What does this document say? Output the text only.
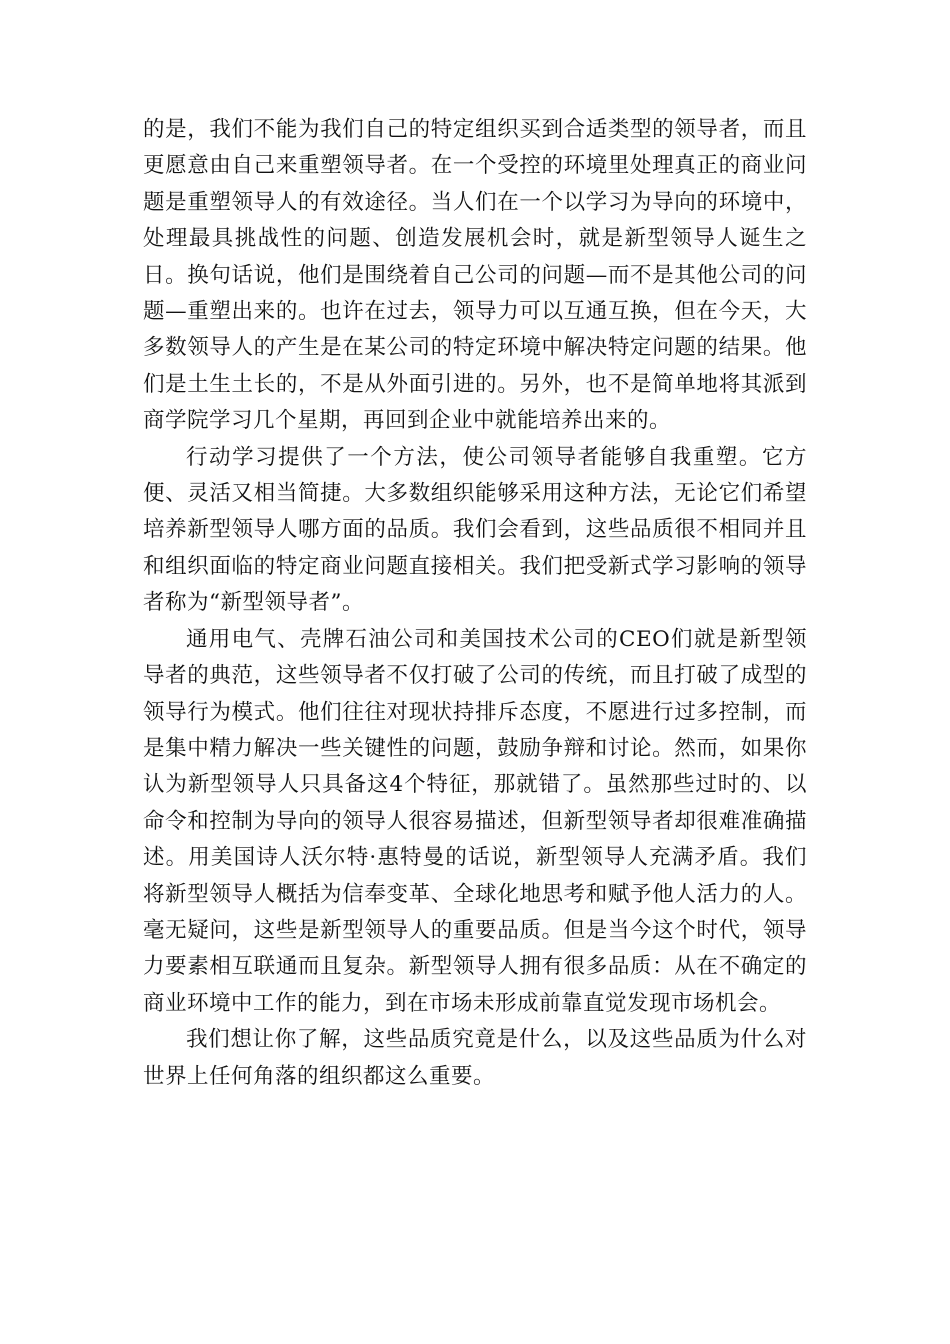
的是，我们不能为我们自己的特定组织买到合适类型的领导者，而且更愿意由自己来重塑领导者。在一个受控的环境里处理真正的商业问题是重塑领导人的有效途径。当人们在一个以学习为导向的环境中，处理最具挑战性的问题、创造发展机会时，就是新型领导人诞生之日。换句话说，他们是围绕着自己公司的问题—而不是其他公司的问题—重塑出来的。也许在过去，领导力可以互通互换，但在今天，大多数领导人的产生是在某公司的特定环境中解决特定问题的结果。他们是土生土长的，不是从外面引进的。另外，也不是简单地将其派到商学院学习几个星期，再回到企业中就能培养出来的。

行动学习提供了一个方法，使公司领导者能够自我重塑。它方便、灵活又相当简捷。大多数组织能够采用这种方法，无论它们希望培养新型领导人哪方面的品质。我们会看到，这些品质很不相同并且和组织面临的特定商业问题直接相关。我们把受新式学习影响的领导者称为“新型领导者”。

通用电气、壳牌石油公司和美国技术公司的CEO们就是新型领导者的典范，这些领导者不仅打破了公司的传统，而且打破了成型的领导行为模式。他们往往对现状持排斥态度，不愿进行过多控制，而是集中精力解决一些关键性的问题，鼓励争辩和讨论。然而，如果你认为新型领导人只具备这4个特征，那就错了。虽然那些过时的、以命令和控制为导向的领导人很容易描述，但新型领导者却很难准确描述。用美国诗人沃尔特·惠特曼的话说，新型领导人充满矛盾。我们将新型领导人概括为信奉变革、全球化地思考和赋予他人活力的人。毫无疑问，这些是新型领导人的重要品质。但是当今这个时代，领导力要素相互联通而且复杂。新型领导人拥有很多品质：从在不确定的商业环境中工作的能力，到在市场未形成前靠直觉发现市场机会。

我们想让你了解，这些品质究竟是什么，以及这些品质为什么对世界上任何角落的组织都这么重要。
